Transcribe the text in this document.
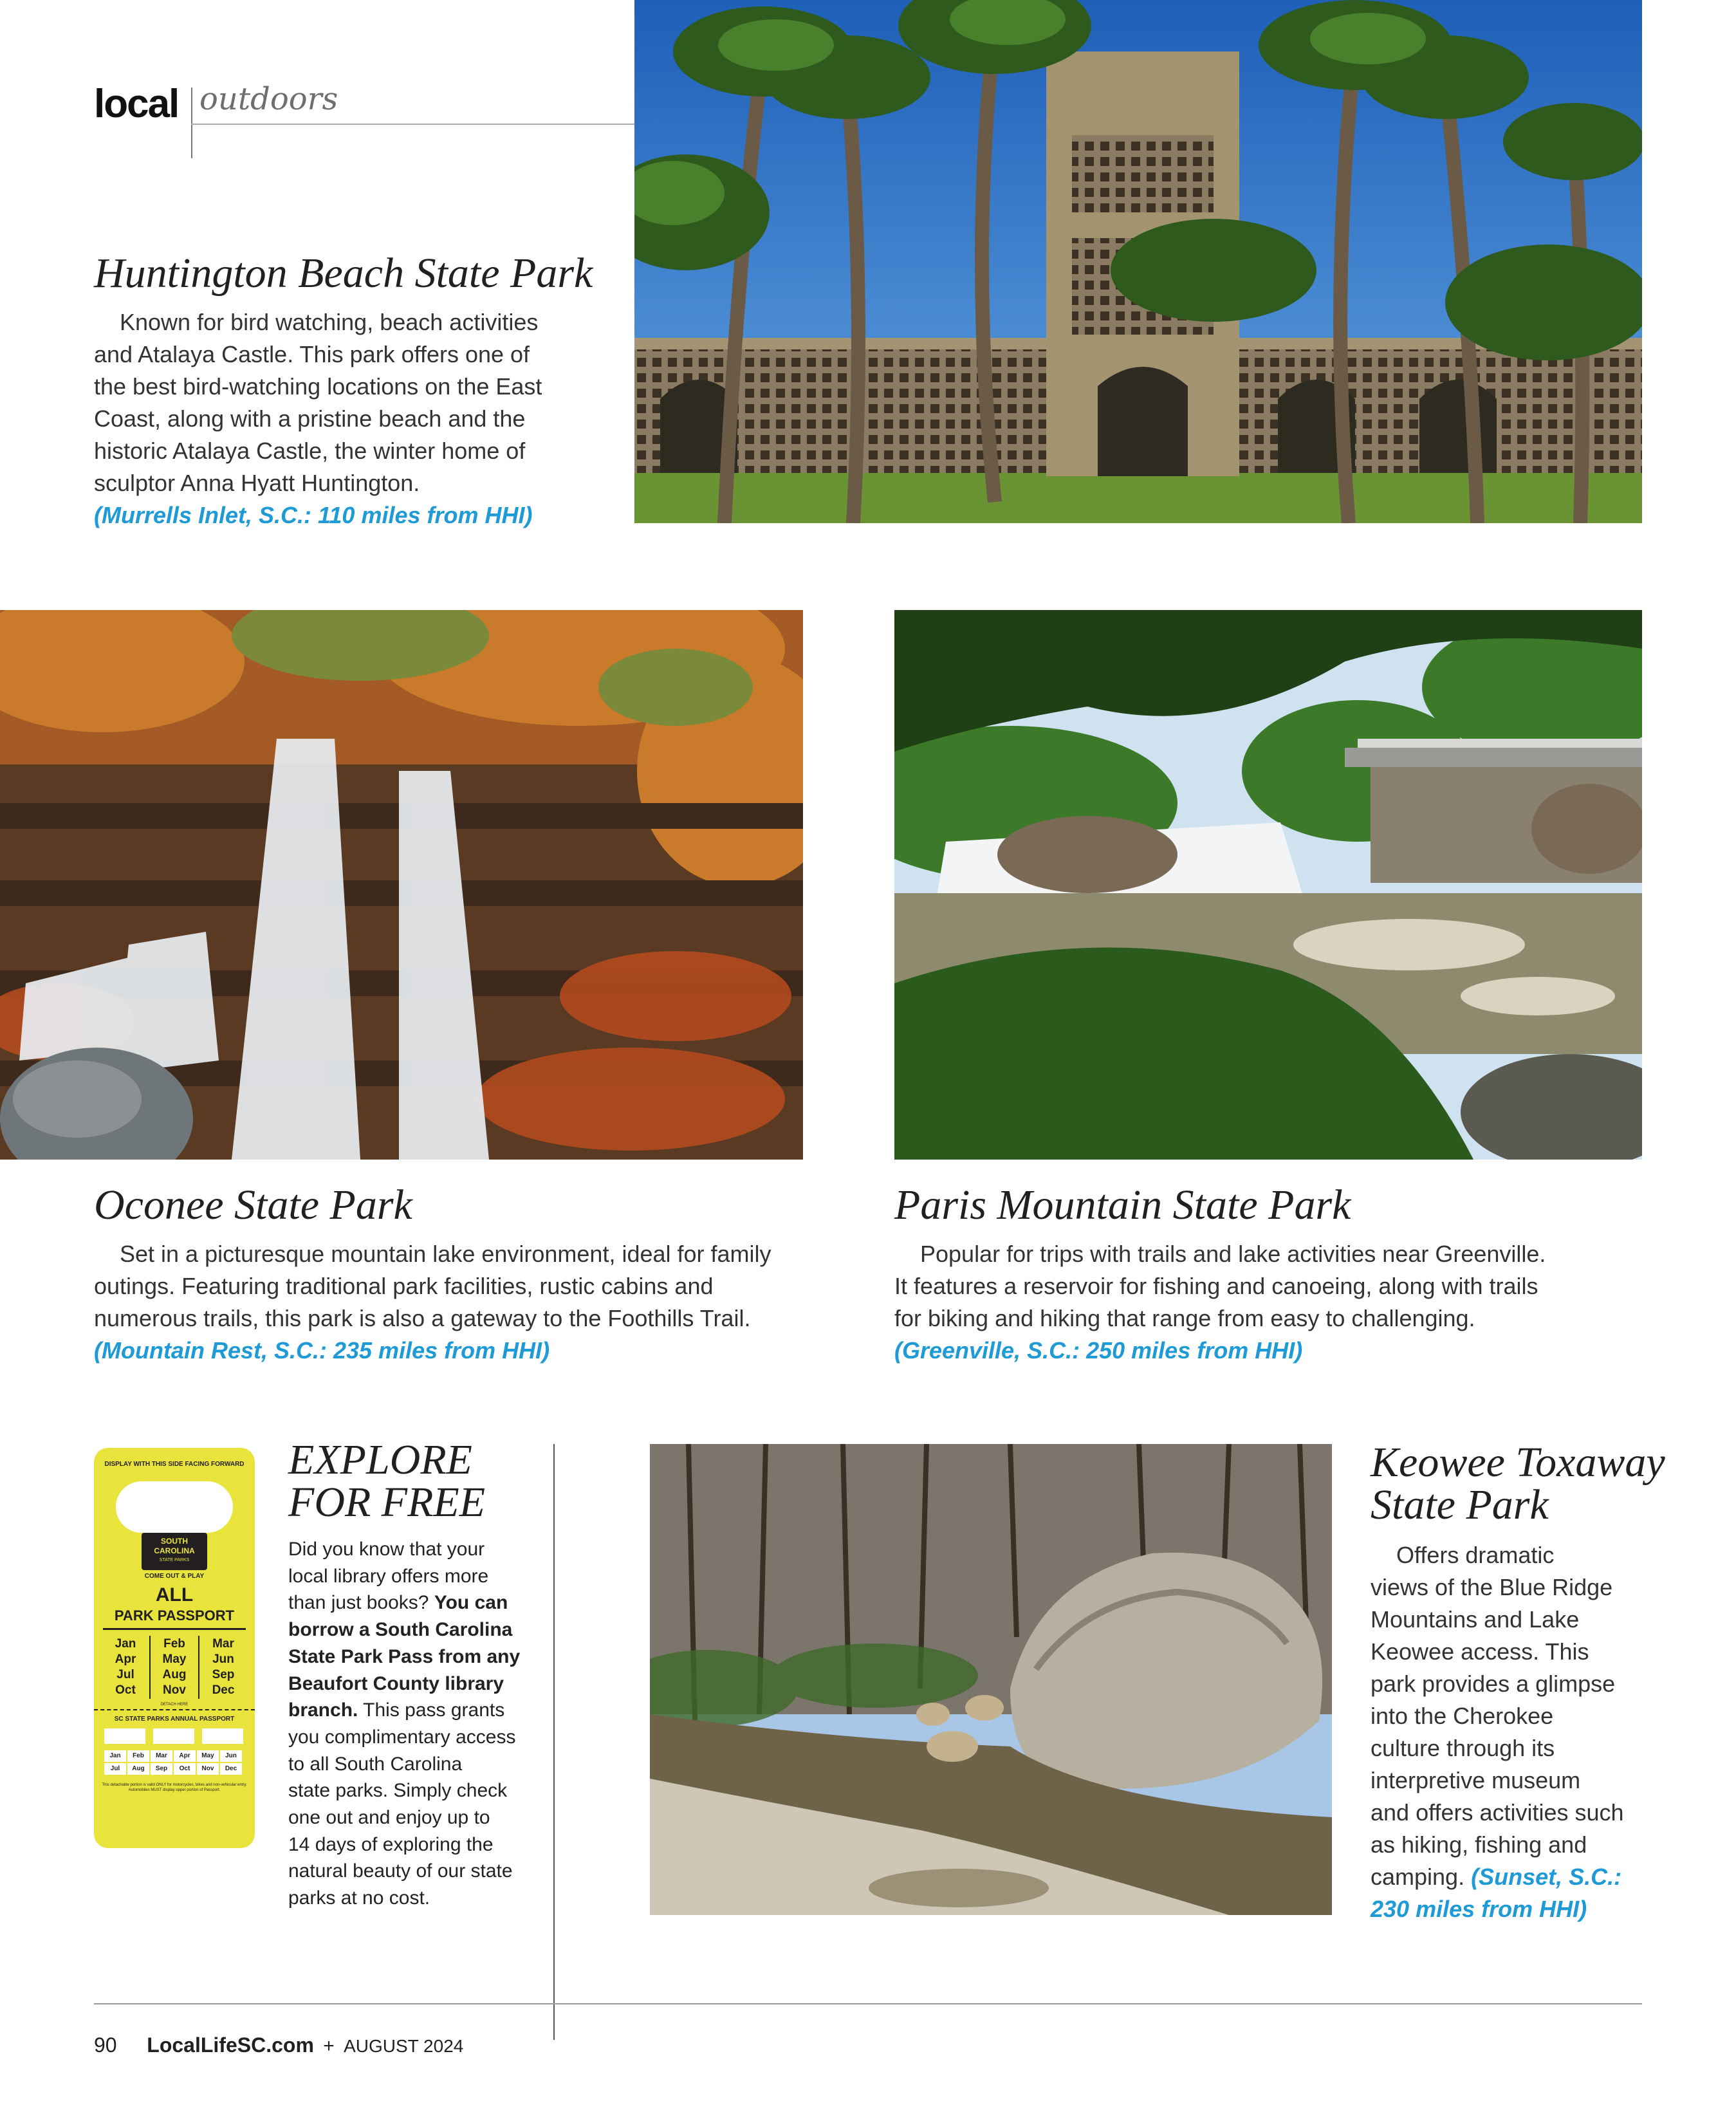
local outdoors
Huntington Beach State Park
Known for bird watching, beach activities
and Atalaya Castle. This park offers one of
the best bird-watching locations on the East
Coast, along with a pristine beach and the
historic Atalaya Castle, the winter home of
sculptor Anna Hyatt Huntington.
(Murrells Inlet, S.C.: 110 miles from HHI)
Oconee State Park
Set in a picturesque mountain lake environment, ideal for family
outings. Featuring traditional park facilities, rustic cabins and
numerous trails, this park is also a gateway to the Foothills Trail.
(Mountain Rest, S.C.: 235 miles from HHI)
Paris Mountain State Park
Popular for trips with trails and lake activities near Greenville.
It features a reservoir for fishing and canoeing, along with trails
for biking and hiking that range from easy to challenging.
(Greenville, S.C.: 250 miles from HHI)
DISPLAY WITH THIS SIDE FACING FORWARD
SOUTH
CAROLINA
STATE PARKS
COME OUT & PLAY
ALL
PARK PASSPORT
Jan	Feb	Mar
Apr	May	Jun
Jul	Aug	Sep
Oct	Nov	Dec
DETACH HERE
SC STATE PARKS ANNUAL PASSPORT
Jan	Feb	Mar	Apr	May	Jun
Jul	Aug	Sep	Oct	Nov	Dec
This detachable portion is valid ONLY for motorcycles, bikes and non-vehicular entry. Automobiles MUST display upper portion of Passport.
EXPLORE
FOR FREE
Did you know that your
local library offers more
than just books? You can
borrow a South Carolina
State Park Pass from any
Beaufort County library
branch. This pass grants
you complimentary access
to all South Carolina
state parks. Simply check
one out and enjoy up to
14 days of exploring the
natural beauty of our state
parks at no cost.
Keowee Toxaway
State Park
Offers dramatic
views of the Blue Ridge
Mountains and Lake
Keowee access. This
park provides a glimpse
into the Cherokee
culture through its
interpretive museum
and offers activities such
as hiking, fishing and
camping. (Sunset, S.C.:
230 miles from HHI)
90 LocalLifeSC.com + AUGUST 2024
